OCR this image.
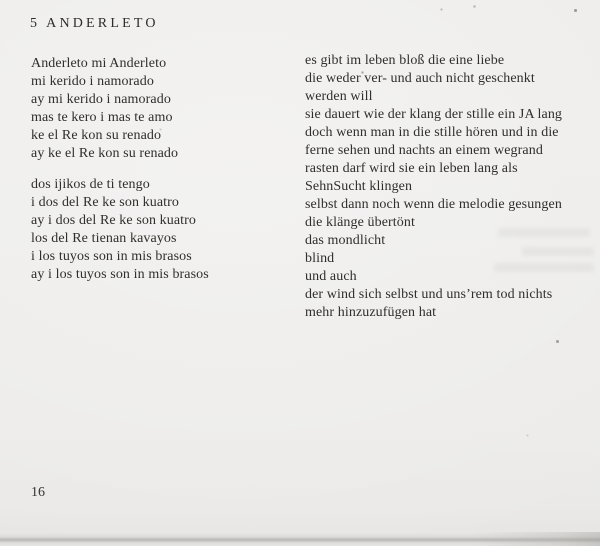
5 ANDERLETO
Anderleto mi Anderleto
mi kerido i namorado
ay mi kerido i namorado
mas te kero i mas te amo
ke el Re kon su renado
ay ke el Re kon su renado
dos ijikos de ti tengo
i dos del Re ke son kuatro
ay i dos del Re ke son kuatro
los del Re tienan kavayos
i los tuyos son in mis brasos
ay i los tuyos son in mis brasos
es gibt im leben bloß die eine liebe
die weder ver- und auch nicht geschenkt
werden will
sie dauert wie der klang der stille ein JA lang
doch wenn man in die stille hören und in die
ferne sehen und nachts an einem wegrand
rasten darf wird sie ein leben lang als
SehnSucht klingen
selbst dann noch wenn die melodie gesungen
die klänge übertönt
das mondlicht
blind
und auch
der wind sich selbst und uns’rem tod nichts
mehr hinzuzufügen hat
16
